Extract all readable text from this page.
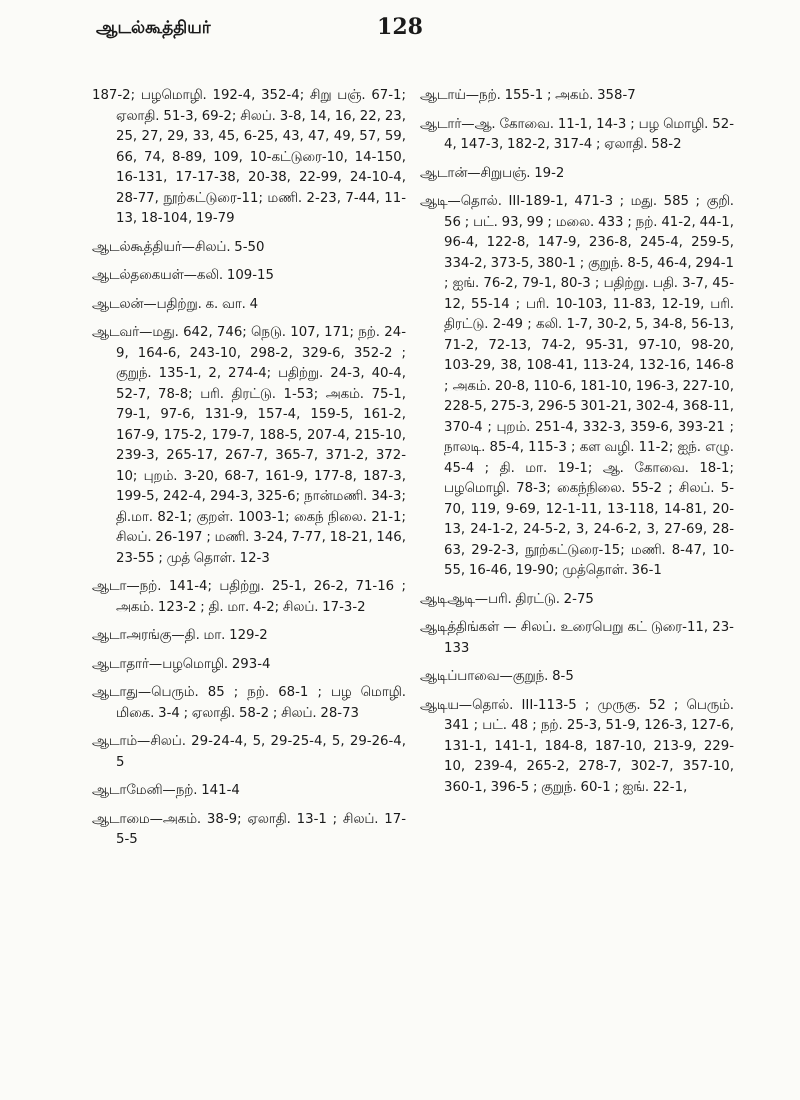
ஆடல்கூத்தியர்	128

187-2; பழமொழி. 192-4, 352-4; சிறு பஞ். 67-1; ஏலாதி. 51-3, 69-2; சிலப். 3-8, 14, 16, 22, 23, 25, 27, 29, 33, 45, 6-25, 43, 47, 49, 57, 59, 66, 74, 8-89, 109, 10-கட்டுரை-10, 14-150, 16-131, 17-17-38, 20-38, 22-99, 24-10-4, 28-77, நூற்கட்டுரை-11; மணி. 2-23, 7-44, 11-13, 18-104, 19-79

ஆடல்கூத்தியர்—சிலப். 5-50

ஆடல்தகையள்—கலி. 109-15

ஆடலன்—பதிற்று. க. வா. 4

ஆடவர்—மது. 642, 746; நெடு. 107, 171; நற். 24-9, 164-6, 243-10, 298-2, 329-6, 352-2 ; குறுந். 135-1, 2, 274-4; பதிற்று. 24-3, 40-4, 52-7, 78-8; பரி. திரட்டு. 1-53; அகம். 75-1, 79-1, 97-6, 131-9, 157-4, 159-5, 161-2, 167-9, 175-2, 179-7, 188-5, 207-4, 215-10, 239-3, 265-17, 267-7, 365-7, 371-2, 372-10; புறம். 3-20, 68-7, 161-9, 177-8, 187-3, 199-5, 242-4, 294-3, 325-6; நான்மணி. 34-3; தி.மா. 82-1; குறள். 1003-1; கைந் நிலை. 21-1; சிலப். 26-197 ; மணி. 3-24, 7-77, 18-21, 146, 23-55 ; முத் தொள். 12-3

ஆடா—நற். 141-4; பதிற்று. 25-1, 26-2, 71-16 ; அகம். 123-2 ; தி. மா. 4-2; சிலப். 17-3-2

ஆடாஅரங்கு—தி. மா. 129-2

ஆடாதார்—பழமொழி. 293-4

ஆடாது—பெரும். 85 ; நற். 68-1 ; பழ மொழி. மிகை. 3-4 ; ஏலாதி. 58-2 ; சிலப். 28-73

ஆடாம்—சிலப். 29-24-4, 5, 29-25-4, 5, 29-26-4, 5

ஆடாமேனி—நற். 141-4

ஆடாமை—அகம். 38-9; ஏலாதி. 13-1 ; சிலப். 17-5-5

ஆடாய்—நற். 155-1 ; அகம். 358-7

ஆடார்—ஆ. கோவை. 11-1, 14-3 ; பழ மொழி. 52-4, 147-3, 182-2, 317-4 ; ஏலாதி. 58-2

ஆடான்—சிறுபஞ். 19-2

ஆடி—தொல். III-189-1, 471-3 ; மது. 585 ; குறி. 56 ; பட். 93, 99 ; மலை. 433 ; நற். 41-2, 44-1, 96-4, 122-8, 147-9, 236-8, 245-4, 259-5, 334-2, 373-5, 380-1 ; குறுந். 8-5, 46-4, 294-1 ; ஐங். 76-2, 79-1, 80-3 ; பதிற்று. பதி. 3-7, 45-12, 55-14 ; பரி. 10-103, 11-83, 12-19, பரி. திரட்டு. 2-49 ; கலி. 1-7, 30-2, 5, 34-8, 56-13, 71-2, 72-13, 74-2, 95-31, 97-10, 98-20, 103-29, 38, 108-41, 113-24, 132-16, 146-8 ; அகம். 20-8, 110-6, 181-10, 196-3, 227-10, 228-5, 275-3, 296-5 301-21, 302-4, 368-11, 370-4 ; புறம். 251-4, 332-3, 359-6, 393-21 ; நாலடி. 85-4, 115-3 ; கள வழி. 11-2; ஐந். எழு. 45-4 ; தி. மா. 19-1; ஆ. கோவை. 18-1; பழமொழி. 78-3; கைந்நிலை. 55-2 ; சிலப். 5-70, 119, 9-69, 12-1-11, 13-118, 14-81, 20-13, 24-1-2, 24-5-2, 3, 24-6-2, 3, 27-69, 28-63, 29-2-3, நூற்கட்டுரை-15; மணி. 8-47, 10-55, 16-46, 19-90; முத்தொள். 36-1

ஆடிஆடி—பரி. திரட்டு. 2-75

ஆடித்திங்கள் — சிலப். உரைபெறு கட் டுரை-11, 23-133

ஆடிப்பாவை—குறுந். 8-5

ஆடிய—தொல். III-113-5 ; முருகு. 52 ; பெரும். 341 ; பட். 48 ; நற். 25-3, 51-9, 126-3, 127-6, 131-1, 141-1, 184-8, 187-10, 213-9, 229-10, 239-4, 265-2, 278-7, 302-7, 357-10, 360-1, 396-5 ; குறுந். 60-1 ; ஐங். 22-1,
